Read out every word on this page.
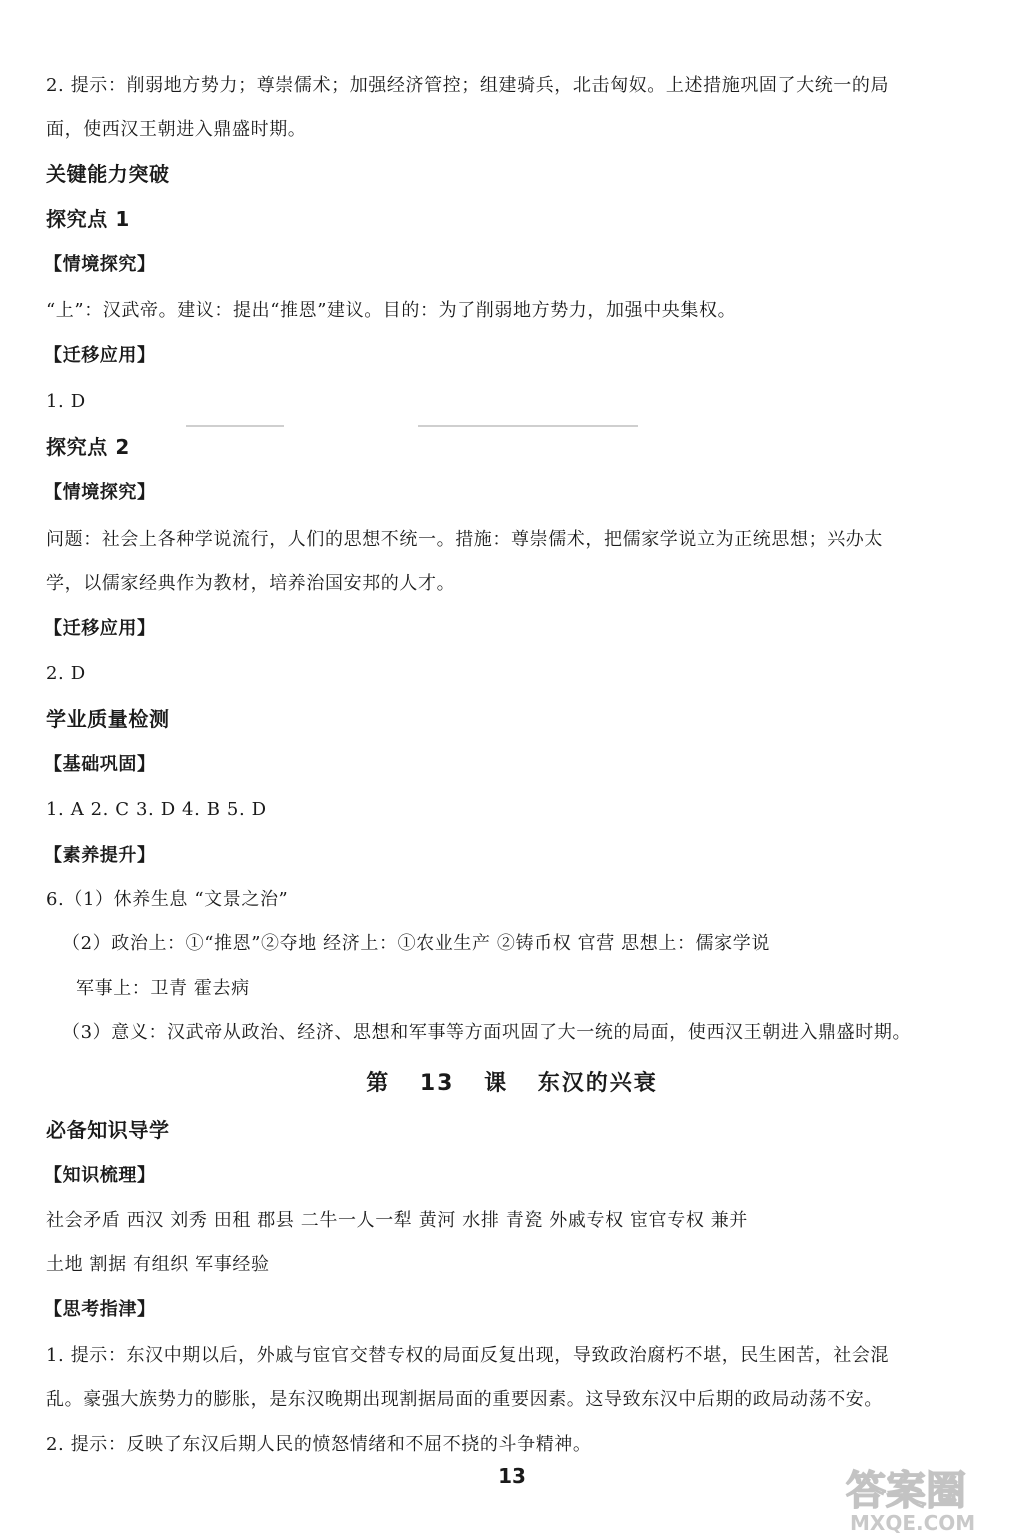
2. 提示：削弱地方势力；尊崇儒术；加强经济管控；组建骑兵，北击匈奴。上述措施巩固了大统一的局
面，使西汉王朝进入鼎盛时期。
关键能力突破
探究点 1
【情境探究】
“上”：汉武帝。建议：提出“推恩”建议。目的：为了削弱地方势力，加强中央集权。
【迁移应用】
1. D
探究点 2
【情境探究】
问题：社会上各种学说流行，人们的思想不统一。措施：尊崇儒术，把儒家学说立为正统思想；兴办太
学，以儒家经典作为教材，培养治国安邦的人才。
【迁移应用】
2. D
学业质量检测
【基础巩固】
1. A 2. C 3. D 4. B 5. D
【素养提升】
6.（1）休养生息 “文景之治”
（2）政治上：①“推恩”②夺地 经济上：①农业生产 ②铸币权 官营 思想上：儒家学说
军事上：卫青 霍去病
（3）意义：汉武帝从政治、经济、思想和军事等方面巩固了大一统的局面，使西汉王朝进入鼎盛时期。
第 13 课 东汉的兴衰
必备知识导学
【知识梳理】
社会矛盾 西汉 刘秀 田租 郡县 二牛一人一犁 黄河 水排 青瓷 外戚专权 宦官专权 兼并
土地 割据 有组织 军事经验
【思考指津】
1. 提示：东汉中期以后，外戚与宦官交替专权的局面反复出现，导致政治腐朽不堪，民生困苦，社会混
乱。豪强大族势力的膨胀，是东汉晚期出现割据局面的重要因素。这导致东汉中后期的政局动荡不安。
2. 提示：反映了东汉后期人民的愤怒情绪和不屈不挠的斗争精神。
13	答案圈
MXQE.COM
